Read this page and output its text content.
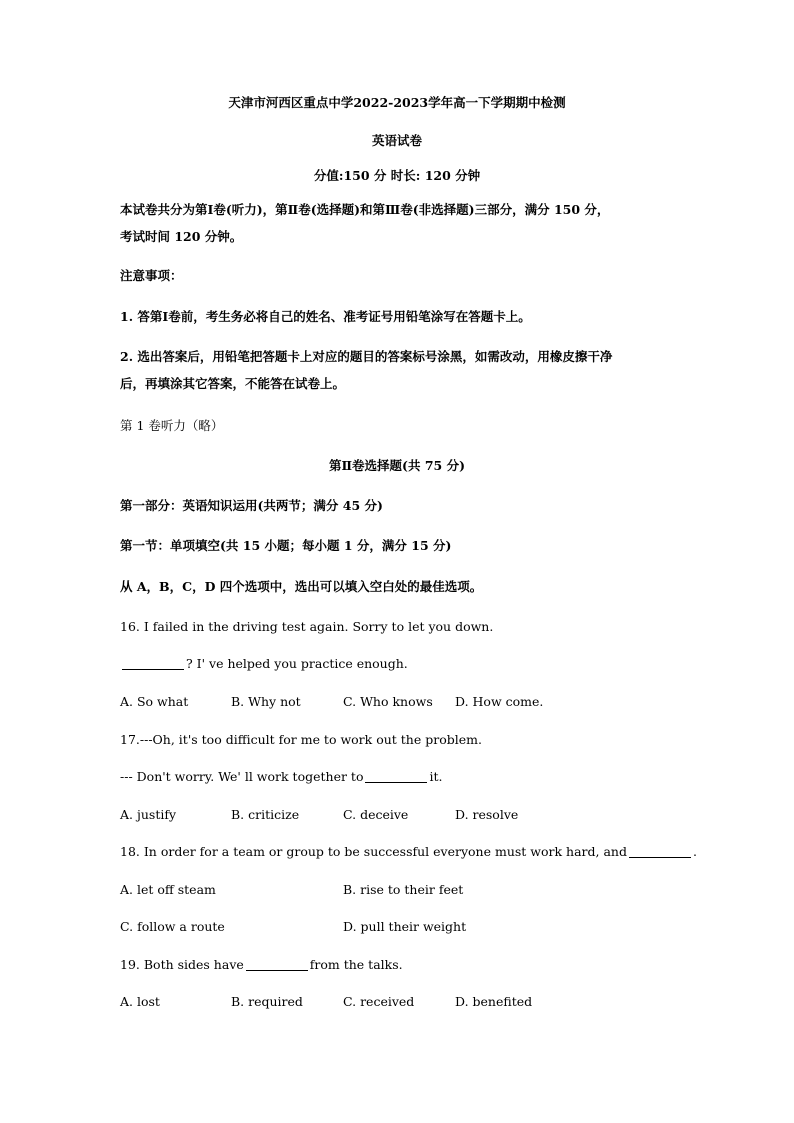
天津市河西区重点中学2022-2023学年高一下学期期中检测
英语试卷
分值:150 分 时长: 120 分钟
本试卷共分为第Ⅰ卷(听力)，第Ⅱ卷(选择题)和第Ⅲ卷(非选择题)三部分，满分 150 分，
考试时间 120 分钟。
注意事项：
1. 答第Ⅰ卷前，考生务必将自己的姓名、准考证号用铅笔涂写在答题卡上。
2. 选出答案后，用铅笔把答题卡上对应的题目的答案标号涂黑，如需改动，用橡皮擦干净
后，再填涂其它答案，不能答在试卷上。
第 1 卷听力（略）
第Ⅱ卷选择题(共 75 分)
第一部分：英语知识运用(共两节；满分 45 分)
第一节：单项填空(共 15 小题；每小题 1 分，满分 15 分)
从 A，B，C，D 四个选项中，选出可以填入空白处的最佳选项。
16. I failed in the driving test again. Sorry to let you down.
? I' ve helped you practice enough.
A. So what	B. Why not	C. Who knows D. How come.
17.---Oh, it's too difficult for me to work out the problem.
--- Don't worry. We' ll work together to	it.
A. justify	B. criticize	C. deceive	D. resolve
18. In order for a team or group to be successful everyone must work hard, and	.
A. let off steam	B. rise to their feet
C. follow a route	D. pull their weight
19. Both sides have	from the talks.
A. lost	B. required	C. received	D. benefited
